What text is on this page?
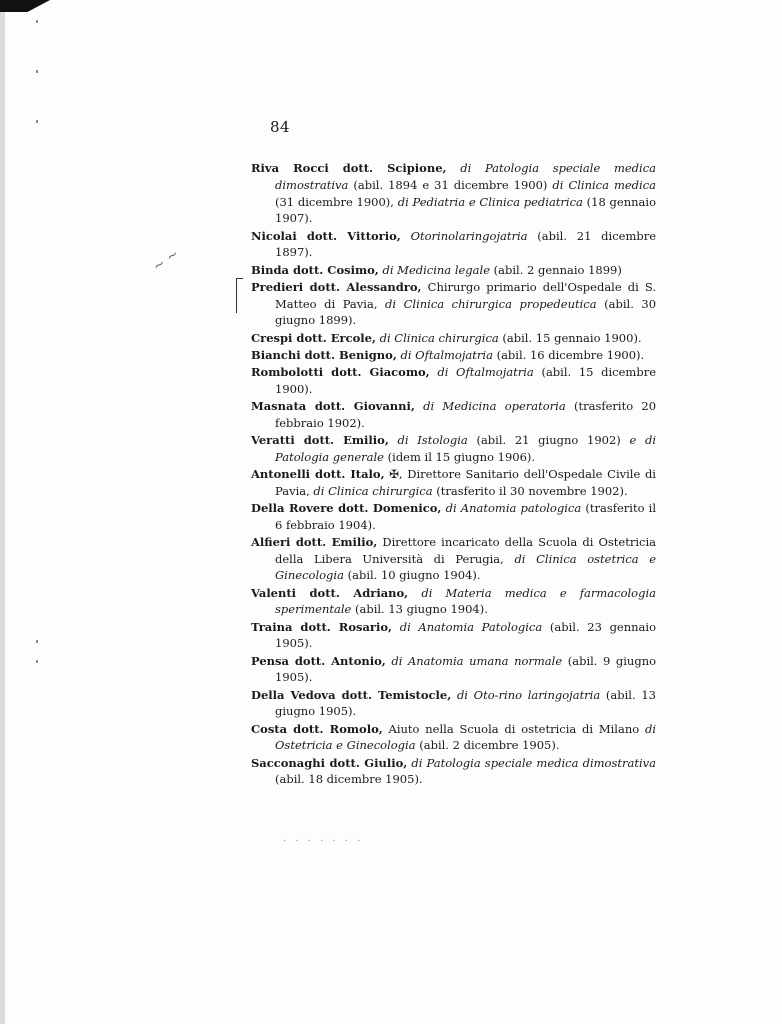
84
~ ~

Riva Rocci dott. Scipione, di Patologia speciale medica dimostrativa (abil. 1894 e 31 dicembre 1900) di Clinica medica (31 dicembre 1900), di Pediatria e Clinica pediatrica (18 gennaio 1907).

Nicolai dott. Vittorio, Otorinolaringojatria (abil. 21 dicembre 1897).

Binda dott. Cosimo, di Medicina legale (abil. 2 gennaio 1899)

Predieri dott. Alessandro, Chirurgo primario dell'Ospedale di S. Matteo di Pavia, di Clinica chirurgica propedeutica (abil. 30 giugno 1899).

Crespi dott. Ercole, di Clinica chirurgica (abil. 15 gennaio 1900).

Bianchi dott. Benigno, di Oftalmojatria (abil. 16 dicembre 1900).

Rombolotti dott. Giacomo, di Oftalmojatria (abil. 15 dicembre 1900).

Masnata dott. Giovanni, di Medicina operatoria (trasferito 20 febbraio 1902).

Veratti dott. Emilio, di Istologia (abil. 21 giugno 1902) e di Patologia generale (idem il 15 giugno 1906).

Antonelli dott. Italo, ✠, Direttore Sanitario dell'Ospedale Civile di Pavia, di Clinica chirurgica (trasferito il 30 novembre 1902).

Della Rovere dott. Domenico, di Anatomia patologica (trasferito il 6 febbraio 1904).

Alfieri dott. Emilio, Direttore incaricato della Scuola di Ostetricia della Libera Università di Perugia, di Clinica ostetrica e Ginecologia (abil. 10 giugno 1904).

Valenti dott. Adriano, di Materia medica e farmacologia sperimentale (abil. 13 giugno 1904).

Traina dott. Rosario, di Anatomia Patologica (abil. 23 gennaio 1905).

Pensa dott. Antonio, di Anatomia umana normale (abil. 9 giugno 1905).

Della Vedova dott. Temistocle, di Oto-rino laringojatria (abil. 13 giugno 1905).

Costa dott. Romolo, Aiuto nella Scuola di ostetricia di Milano di Ostetricia e Ginecologia (abil. 2 dicembre 1905).

Sacconaghi dott. Giulio, di Patologia speciale medica dimostrativa (abil. 18 dicembre 1905).

. . . . . . .
